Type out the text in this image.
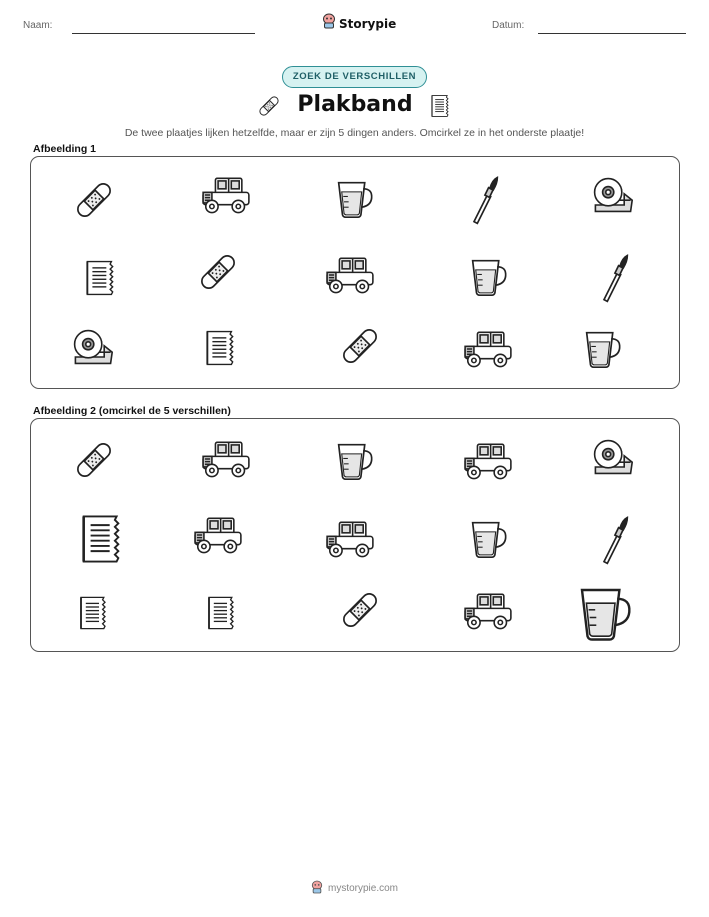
Naam:	Storypie	Datum:
ZOEK DE VERSCHILLEN
Plakband
De twee plaatjes lijken hetzelfde, maar er zijn 5 dingen anders. Omcirkel ze in het onderste plaatje!
Afbeelding 1
Afbeelding 2 (omcirkel de 5 verschillen)
mystorypie.com
